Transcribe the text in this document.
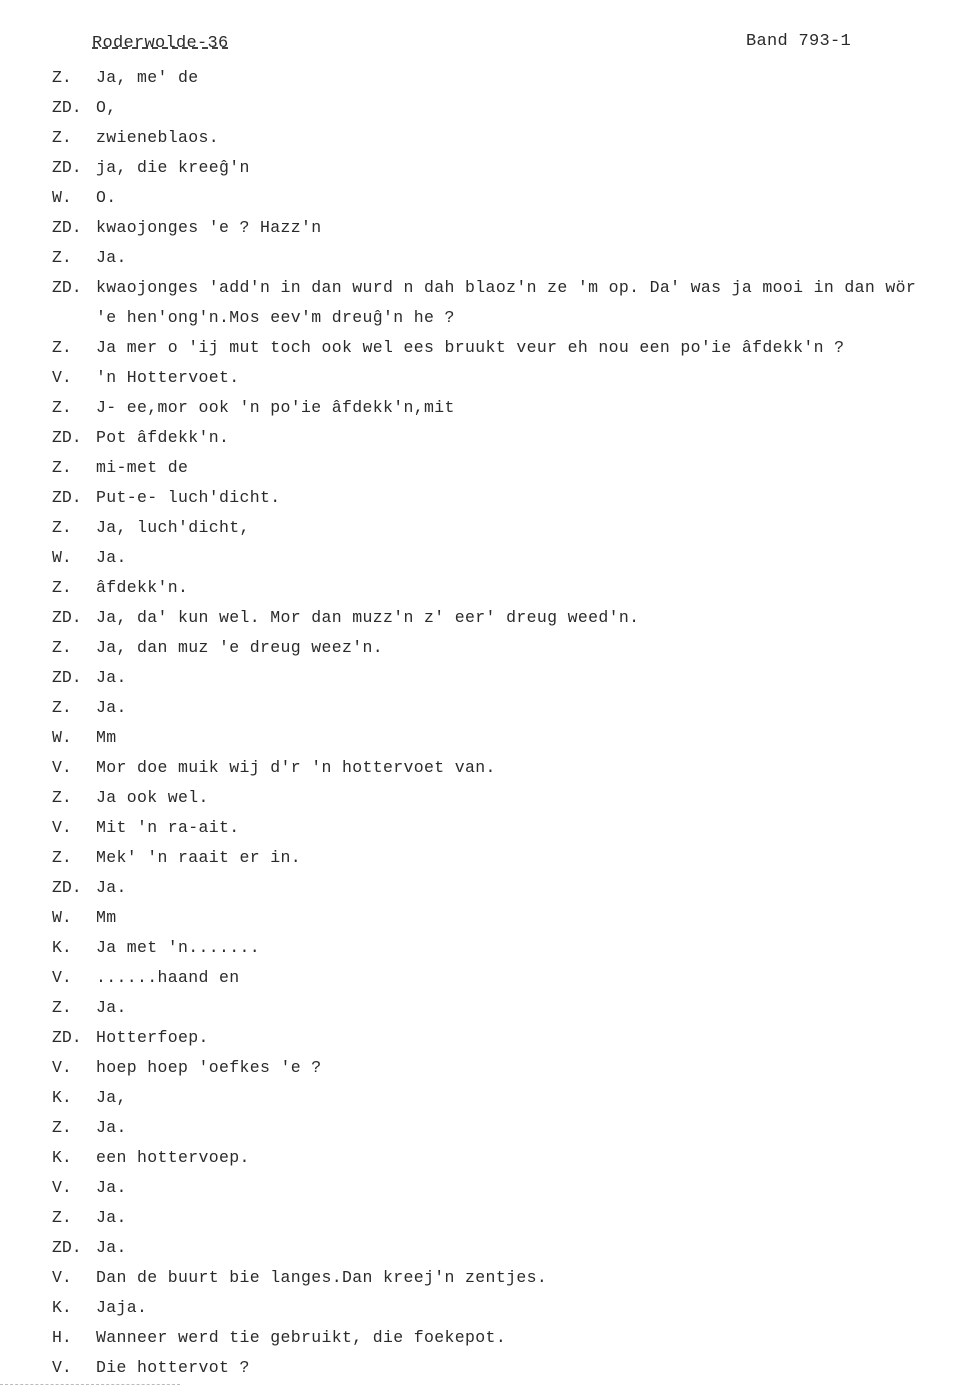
Roderwolde-36	Band 793-1
Z.	Ja, me' de
ZD. O,
Z.	zwieneblaos.
ZD. ja, die kreeĝ'n
W.	O.
ZD. kwaojonges 'e ? Hazz'n
Z.	Ja.
ZD. kwaojonges 'add'n in dan wurd n dah blaoz'n ze 'm op. Da' was ja mooi in dan wör
'e hen'ong'n.Mos eev'm dreuĝ'n he ?
Z.	Ja mer o 'ij mut toch ook wel ees bruukt veur eh nou een po'ie âfdekk'n ?
V.	'n Hottervoet.
Z.	J- ee,mor ook 'n po'ie âfdekk'n,mit
ZD. Pot âfdekk'n.
Z.	mi-met de
ZD. Put-e- luch'dicht.
Z.	Ja, luch'dicht,
W.	Ja.
Z.	âfdekk'n.
ZD. Ja, da' kun wel. Mor dan muzz'n z' eer' dreug weed'n.
Z.	Ja, dan muz 'e dreug weez'n.
ZD. Ja.
Z.	Ja.
W.	Mm
V.	Mor doe muik wij d'r 'n hottervoet van.
Z.	Ja ook wel.
V.	Mit 'n ra-ait.
Z.	Mek' 'n raait er in.
ZD. Ja.
W.	Mm
K.	Ja met 'n.......
V.	......haand en
Z.	Ja.
ZD. Hotterfoep.
V.	hoep hoep 'oefkes 'e ?
K.	Ja,
Z.	Ja.
K.	een hottervoep.
V.	Ja.
Z.	Ja.
ZD. Ja.
V.	Dan de buurt bie langes.Dan kreej'n zentjes.
K.	Jaja.
H.	Wanneer werd tie gebruikt, die foekepot.
V.	Die hottervot ?
